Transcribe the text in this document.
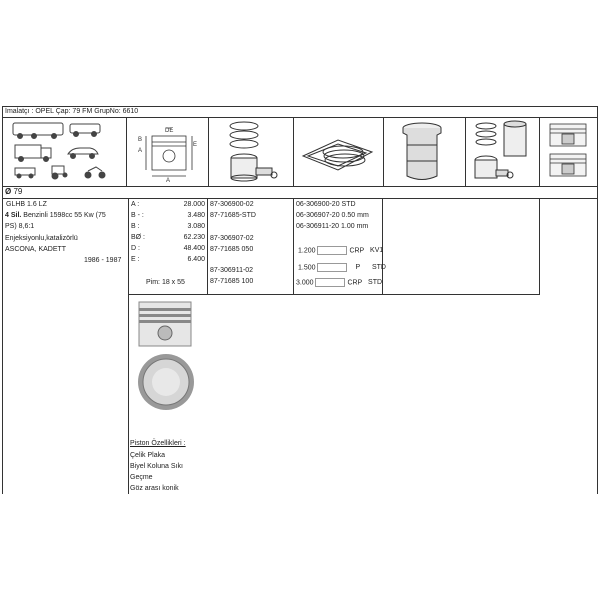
İmalatçı : OPEL Çap: 79 FM GrupNo: 6610
B
A
DE
E
A
Ø 79
GLHB 1.6 LZ
4 Sil. Benzinli 1598cc 55 Kw (75
PS) 8,6:1
Enjeksiyonlu,katalizörlü
ASCONA, KADETT
1986 - 1987
A :	28.000
B - :	3.480
B :	3.080
BØ :	62.230
D :	48.400
E :	6.400
Pim: 18 x 55
87-306900-02
87-71685-STD
87-306907-02
87-71685 050
87-306911-02
87-71685 100
06-306900-20 STD
06-306907-20 0.50 mm
06-306911-20 1.00 mm
1.200	CRP KV1
1.500	P STD
3.000	CRP STD
Piston Özellikleri :
Çelik Plaka
Biyel Koluna Sıkı
Geçme
Göz arası konik
